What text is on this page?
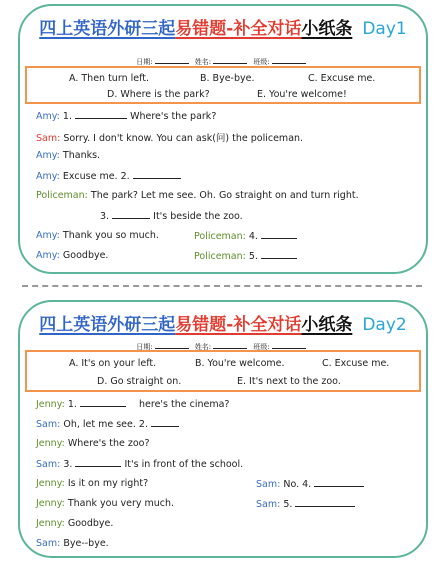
四上英语外研三起易错题-补全对话小纸条 Day1
日期:	姓名:	班级:
A. Then turn left.	B. Bye-bye.	C. Excuse me.
D. Where is the park?	E. You're welcome!
Amy: 1.	Where's the park?
Sam: Sorry. I don't know. You can ask(问) the policeman.
Amy: Thanks.
Amy: Excuse me. 2.
Policeman: The park? Let me see. Oh. Go straight on and turn right.
3.	It's beside the zoo.
Amy: Thank you so much.	Policeman: 4.
Amy: Goodbye.	Policeman: 5.
四上英语外研三起易错题-补全对话小纸条 Day2
日期:	姓名:	班级:
A. It's on your left.	B. You're welcome.	C. Excuse me.
D. Go straight on.	E. It's next to the zoo.
Jenny: 1.	here's the cinema?
Sam: Oh, let me see. 2.
Jenny: Where's the zoo?
Sam: 3.	It's in front of the school.
Jenny: Is it on my right?	Sam: No. 4.
Jenny: Thank you very much.	Sam: 5.
Jenny: Goodbye.
Sam: Bye--bye.
